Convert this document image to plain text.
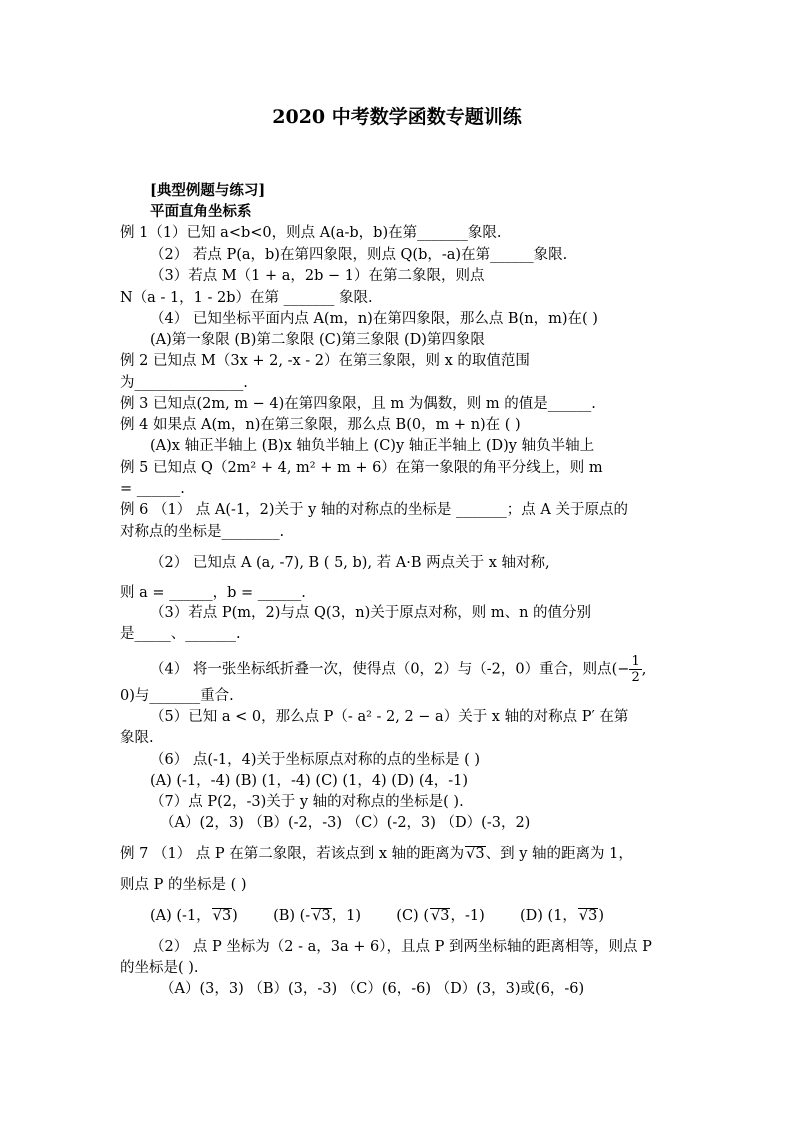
2020 中考数学函数专题训练
[典型例题与练习]
平面直角坐标系
例 1（1）已知 a<b<0，则点 A(a-b，b)在第_______象限.
（2） 若点 P(a，b)在第四象限，则点 Q(b，-a)在第______象限.
（3）若点 M（1 + a，2b − 1）在第二象限，则点
N（a - 1，1 - 2b）在第 _______ 象限.
（4） 已知坐标平面内点 A(m，n)在第四象限，那么点 B(n，m)在( )
(A)第一象限 (B)第二象限 (C)第三象限 (D)第四象限
例 2 已知点 M（3x + 2, -x - 2）在第三象限，则 x 的取值范围
为_______________.
例 3 已知点(2m, m − 4)在第四象限，且 m 为偶数，则 m 的值是______.
例 4 如果点 A(m，n)在第三象限，那么点 B(0，m + n)在 ( )
(A)x 轴正半轴上 (B)x 轴负半轴上 (C)y 轴正半轴上 (D)y 轴负半轴上
例 5 已知点 Q（2m² + 4, m² + m + 6）在第一象限的角平分线上，则 m
= ______.
例 6 （1） 点 A(-1，2)关于 y 轴的对称点的坐标是 _______；点 A 关于原点的
对称点的坐标是________.
（2） 已知点 A (a, -7), B ( 5, b), 若 A·B 两点关于 x 轴对称,
则 a = ______，b = ______.
（3）若点 P(m，2)与点 Q(3，n)关于原点对称，则 m、n 的值分别
是_____、_______.
（4） 将一张坐标纸折叠一次，使得点（0，2）与（-2，0）重合，则点(− $\frac{1}{2}$ ,
0)与_______重合.
（5）已知 a < 0，那么点 P（- a² - 2, 2 − a）关于 x 轴的对称点 P′ 在第
象限.
（6） 点(-1，4)关于坐标原点对称的点的坐标是 ( )
(A) (-1，-4) (B) (1，-4) (C) (1，4) (D) (4，-1)
（7）点 P(2，-3)关于 y 轴的对称点的坐标是( ).
（A）(2，3) （B）(-2，-3) （C）(-2，3) （D）(-3，2)
例 7 （1） 点 P 在第二象限，若该点到 x 轴的距离为 √3、到 y 轴的距离为 1，
则点 P 的坐标是 ( )
(A) (-1， √3) (B) (- √3，1) (C) ( √3，-1) (D) (1， √3)
（2） 点 P 坐标为（2 - a，3a + 6），且点 P 到两坐标轴的距离相等，则点 P
的坐标是( ).
（A）(3，3) （B）(3，-3) （C）(6，-6) （D）(3，3)或(6，-6)
